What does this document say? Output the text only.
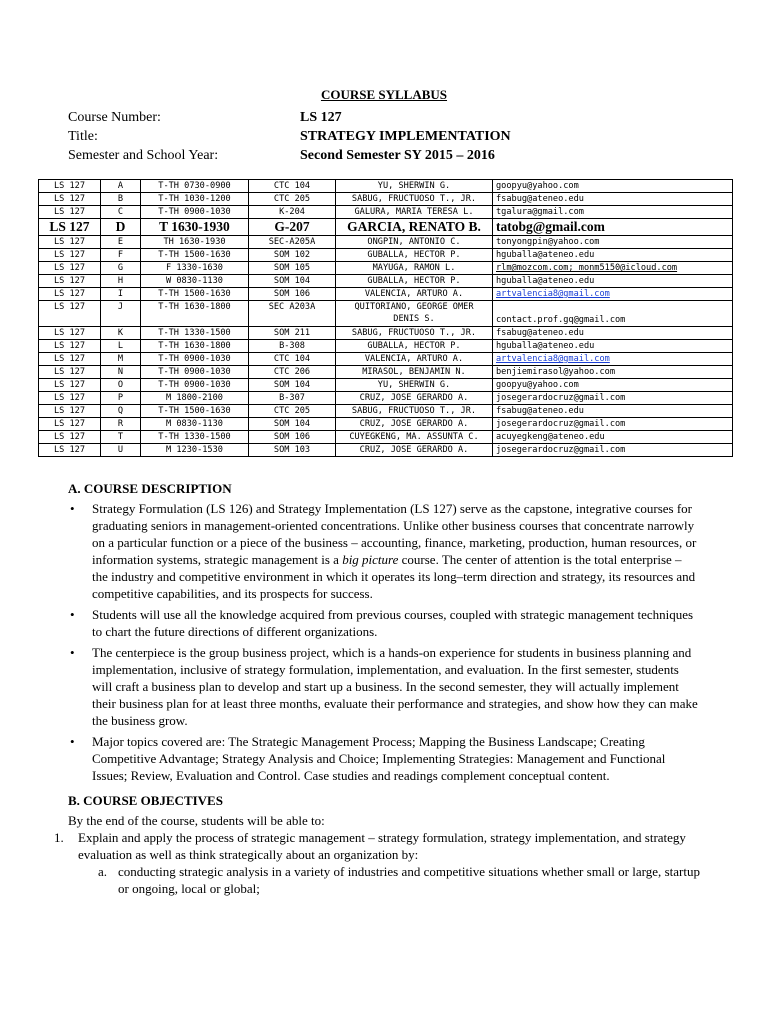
COURSE SYLLABUS
Course Number:	LS 127
Title:	STRATEGY IMPLEMENTATION
Semester and School Year:	Second Semester SY 2015 – 2016
LS 127	A	T-TH 0730-0900	CTC 104	YU, SHERWIN G.	goopyu@yahoo.com
LS 127	B	T-TH 1030-1200	CTC 205	SABUG, FRUCTUOSO T., JR.	fsabug@ateneo.edu
LS 127	C	T-TH 0900-1030	K-204	GALURA, MARIA TERESA L.	tgalura@gmail.com
LS 127	D	T 1630-1930	G-207	GARCIA, RENATO B.	tatobg@gmail.com
LS 127	E	TH 1630-1930	SEC-A205A	ONGPIN, ANTONIO C.	tonyongpin@yahoo.com
LS 127	F	T-TH 1500-1630	SOM 102	GUBALLA, HECTOR P.	hguballa@ateneo.edu
LS 127	G	F 1330-1630	SOM 105	MAYUGA, RAMON L.	rlm@mozcom.com; monm5150@icloud.com
LS 127	H	W 0830-1130	SOM 104	GUBALLA, HECTOR P.	hguballa@ateneo.edu
LS 127	I	T-TH 1500-1630	SOM 106	VALENCIA, ARTURO A.	artvalencia8@gmail.com
LS 127	J	T-TH 1630-1800	SEC A203A	QUITORIANO, GEORGE OMER DENIS S.	contact.prof.gq@gmail.com
LS 127	K	T-TH 1330-1500	SOM 211	SABUG, FRUCTUOSO T., JR.	fsabug@ateneo.edu
LS 127	L	T-TH 1630-1800	B-308	GUBALLA, HECTOR P.	hguballa@ateneo.edu
LS 127	M	T-TH 0900-1030	CTC 104	VALENCIA, ARTURO A.	artvalencia8@gmail.com
LS 127	N	T-TH 0900-1030	CTC 206	MIRASOL, BENJAMIN N.	benjiemirasol@yahoo.com
LS 127	O	T-TH 0900-1030	SOM 104	YU, SHERWIN G.	goopyu@yahoo.com
LS 127	P	M 1800-2100	B-307	CRUZ, JOSE GERARDO A.	josegerardocruz@gmail.com
LS 127	Q	T-TH 1500-1630	CTC 205	SABUG, FRUCTUOSO T., JR.	fsabug@ateneo.edu
LS 127	R	M 0830-1130	SOM 104	CRUZ, JOSE GERARDO A.	josegerardocruz@gmail.com
LS 127	T	T-TH 1330-1500	SOM 106	CUYEGKENG, MA. ASSUNTA C.	acuyegkeng@ateneo.edu
LS 127	U	M 1230-1530	SOM 103	CRUZ, JOSE GERARDO A.	josegerardocruz@gmail.com
A. COURSE DESCRIPTION
• Strategy Formulation (LS 126) and Strategy Implementation (LS 127) serve as the capstone, integrative courses for graduating seniors in management-oriented concentrations. Unlike other business courses that concentrate narrowly on a particular function or a piece of the business – accounting, finance, marketing, production, human resources, or information systems, strategic management is a big picture course. The center of attention is the total enterprise – the industry and competitive environment in which it operates its long–term direction and strategy, its resources and competitive capabilities, and its prospects for success.
• Students will use all the knowledge acquired from previous courses, coupled with strategic management techniques to chart the future directions of different organizations.
• The centerpiece is the group business project, which is a hands-on experience for students in business planning and implementation, inclusive of strategy formulation, implementation, and evaluation. In the first semester, students will craft a business plan to develop and start up a business. In the second semester, they will actually implement their business plan for at least three months, evaluate their performance and strategies, and show how they can make the business grow.
• Major topics covered are: The Strategic Management Process; Mapping the Business Landscape; Creating Competitive Advantage; Strategy Analysis and Choice; Implementing Strategies: Management and Functional Issues; Review, Evaluation and Control. Case studies and readings complement conceptual content.
B. COURSE OBJECTIVES

By the end of the course, students will be able to:

1. Explain and apply the process of strategic management – strategy formulation, strategy implementation, and strategy evaluation as well as think strategically about an organization by:
a. conducting strategic analysis in a variety of industries and competitive situations whether small or large, startup or ongoing, local or global;
